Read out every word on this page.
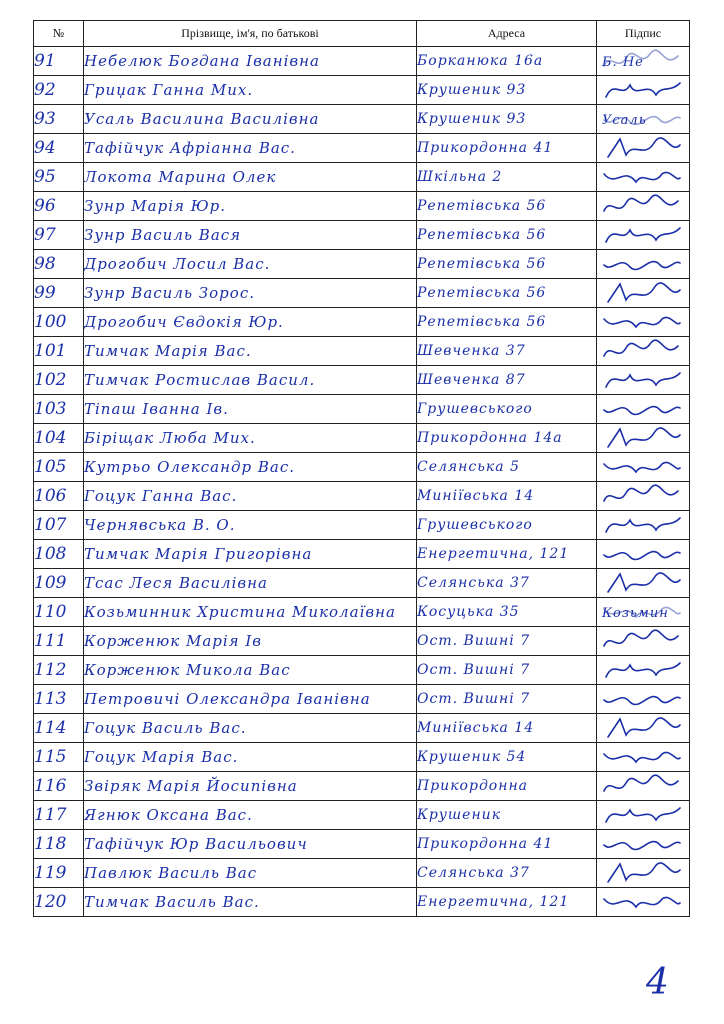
№	Прізвище, ім'я, по батькові	Адреса	Підпис
91	Небелюк Богдана Іванівна	Борканюка 16а	Б. Не

92	Гриџак Ганна Мих.	Крушеник 93	

93	Усаль Василина Василівна	Крушеник 93	Усаль

94	Тафійчук Афріанна Вас.	Прикордонна 41	

95	Локота Марина Олек	Шкільна 2	

96	Зунр Марія Юр.	Репетівська 56	

97	Зунр Василь Вася	Репетівська 56	

98	Дрогобич Лосил Вас.	Репетівська 56	

99	Зунр Василь Зорос.	Репетівська 56	

100	Дрогобич Євдокія Юр.	Репетівська 56	

101	Тимчак Марія Вас.	Шевченка 37	

102	Тимчак Ростислав Васил.	Шевченка 87	

103	Тіпаш Іванна Ів.	Грушевського	

104	Біріщак Люба Мих.	Прикордонна 14а	

105	Кутрьо Олександр Вас.	Селянська 5	

106	Гоцук Ганна Вас.	Миніївська 14	

107	Чернявська В. О.	Грушевського	

108	Тимчак Марія Григорівна	Енергетична, 121	

109	Тсас Леся Василівна	Селянська 37	

110	Козьминник Христина Миколаївна	Косуцька 35	Козьмин

111	Корженюк Марія Ів	Ост. Вишні 7	

112	Корженюк Микола Вас	Ост. Вишні 7	

113	Петровичі Олександра Іванівна	Ост. Вишні 7	

114	Гоцук Василь Вас.	Миніївська 14	

115	Гоцук Марія Вас.	Крушеник 54	

116	Звіряк Марія Йосипівна	Прикордонна	

117	Ягнюк Оксана Вас.	Крушеник	

118	Тафійчук Юр Васильович	Прикордонна 41	

119	Павлюк Василь Вас	Селянська 37	

120	Тимчак Василь Вас.	Енергетична, 121	
4
